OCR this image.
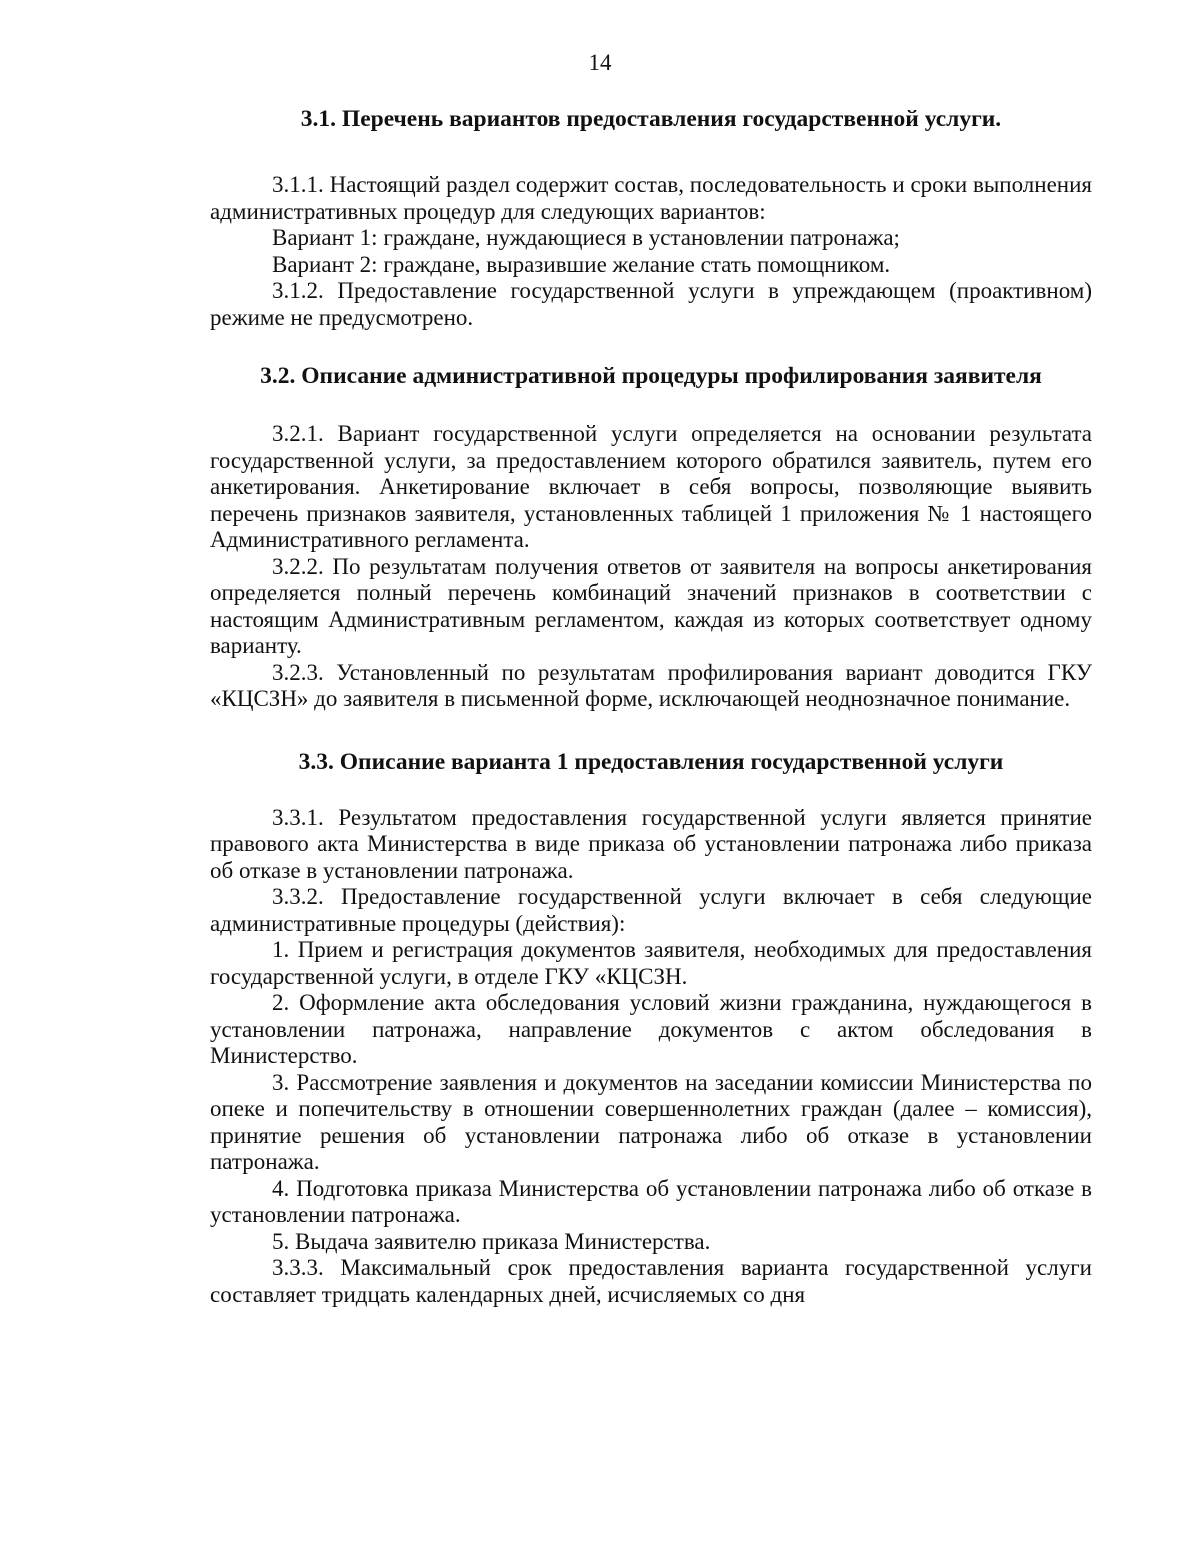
14
3.1. Перечень вариантов предоставления государственной услуги.

3.1.1. Настоящий раздел содержит состав, последовательность и сроки выполнения административных процедур для следующих вариантов:

Вариант 1: граждане, нуждающиеся в установлении патронажа;

Вариант 2: граждане, выразившие желание стать помощником.

3.1.2. Предоставление государственной услуги в упреждающем (проактивном) режиме не предусмотрено.

3.2. Описание административной процедуры профилирования заявителя

3.2.1. Вариант государственной услуги определяется на основании результата государственной услуги, за предоставлением которого обратился заявитель, путем его анкетирования. Анкетирование включает в себя вопросы, позволяющие выявить перечень признаков заявителя, установленных таблицей 1 приложения № 1 настоящего Административного регламента.

3.2.2. По результатам получения ответов от заявителя на вопросы анкетирования определяется полный перечень комбинаций значений признаков в соответствии с настоящим Административным регламентом, каждая из которых соответствует одному варианту.

3.2.3. Установленный по результатам профилирования вариант доводится ГКУ «КЦСЗН» до заявителя в письменной форме, исключающей неоднозначное понимание.

3.3. Описание варианта 1 предоставления государственной услуги

3.3.1. Результатом предоставления государственной услуги является принятие правового акта Министерства в виде приказа об установлении патронажа либо приказа об отказе в установлении патронажа.

3.3.2. Предоставление государственной услуги включает в себя следующие административные процедуры (действия):

1. Прием и регистрация документов заявителя, необходимых для предоставления государственной услуги, в отделе ГКУ «КЦСЗН.

2. Оформление акта обследования условий жизни гражданина, нуждающегося в установлении патронажа, направление документов с актом обследования в Министерство.

3. Рассмотрение заявления и документов на заседании комиссии Министерства по опеке и попечительству в отношении совершеннолетних граждан (далее – комиссия), принятие решения об установлении патронажа либо об отказе в установлении патронажа.

4. Подготовка приказа Министерства об установлении патронажа либо об отказе в установлении патронажа.

5. Выдача заявителю приказа Министерства.

3.3.3. Максимальный срок предоставления варианта государственной услуги составляет тридцать календарных дней, исчисляемых со дня
